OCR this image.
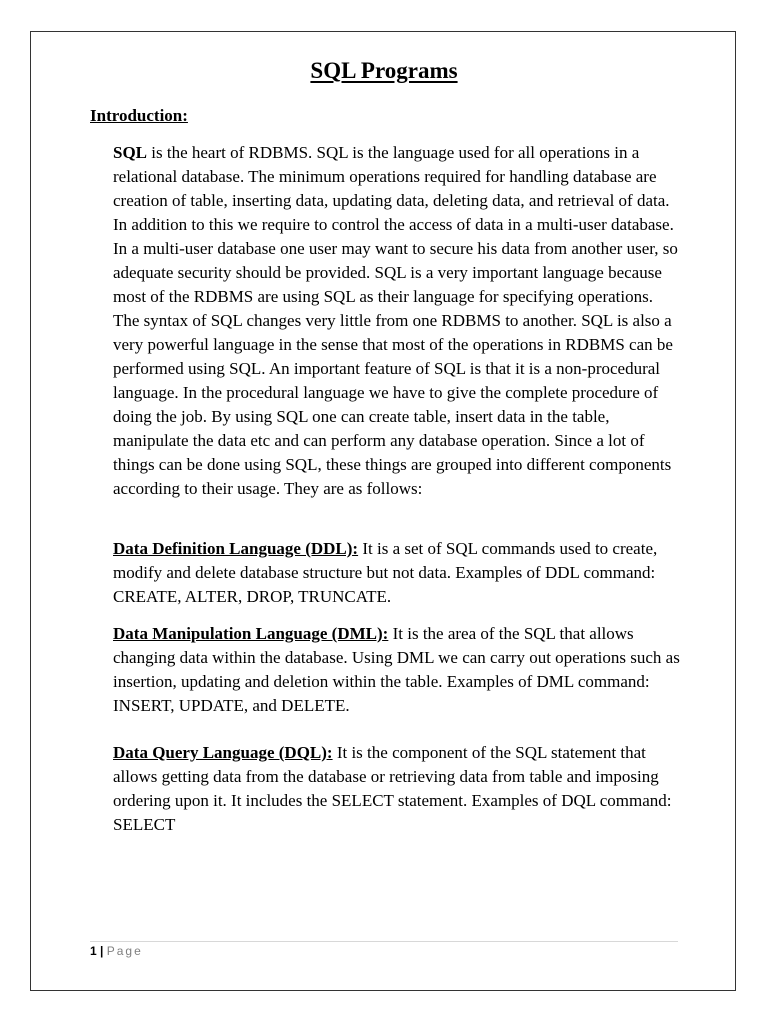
SQL Programs

Introduction:

SQL is the heart of RDBMS. SQL is the language used for all operations in a relational database. The minimum operations required for handling database are creation of table, inserting data, updating data, deleting data, and retrieval of data. In addition to this we require to control the access of data in a multi-user database. In a multi-user database one user may want to secure his data from another user, so adequate security should be provided. SQL is a very important language because most of the RDBMS are using SQL as their language for specifying operations. The syntax of SQL changes very little from one RDBMS to another. SQL is also a very powerful language in the sense that most of the operations in RDBMS can be performed using SQL. An important feature of SQL is that it is a non-procedural language. In the procedural language we have to give the complete procedure of doing the job. By using SQL one can create table, insert data in the table, manipulate the data etc and can perform any database operation. Since a lot of things can be done using SQL, these things are grouped into different components according to their usage. They are as follows:

Data Definition Language (DDL): It is a set of SQL commands used to create, modify and delete database structure but not data. Examples of DDL command: CREATE, ALTER, DROP, TRUNCATE.

Data Manipulation Language (DML): It is the area of the SQL that allows changing data within the database. Using DML we can carry out operations such as insertion, updating and deletion within the table. Examples of DML command: INSERT, UPDATE, and DELETE.

Data Query Language (DQL): It is the component of the SQL statement that allows getting data from the database or retrieving data from table and imposing ordering upon it. It includes the SELECT statement. Examples of DQL command: SELECT

1 | Page
